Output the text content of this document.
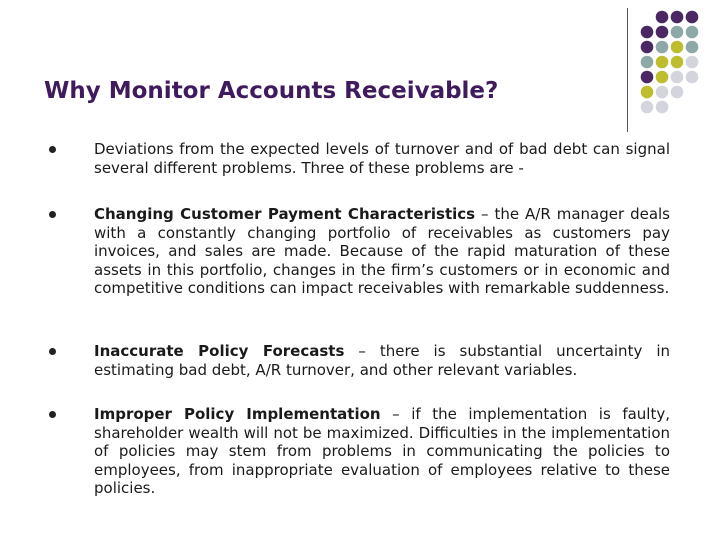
Why Monitor Accounts Receivable?
Deviations from the expected levels of turnover and of bad debt can signal several different problems. Three of these problems are -
Changing Customer Payment Characteristics – the A/R manager deals with a constantly changing portfolio of receivables as customers pay invoices, and sales are made. Because of the rapid maturation of these assets in this portfolio, changes in the firm’s customers or in economic and competitive conditions can impact receivables with remarkable suddenness.
Inaccurate Policy Forecasts – there is substantial uncertainty in estimating bad debt, A/R turnover, and other relevant variables.
Improper Policy Implementation – if the implementation is faulty, shareholder wealth will not be maximized. Difficulties in the implementation of policies may stem from problems in communicating the policies to employees, from inappropriate evaluation of employees relative to these policies.
